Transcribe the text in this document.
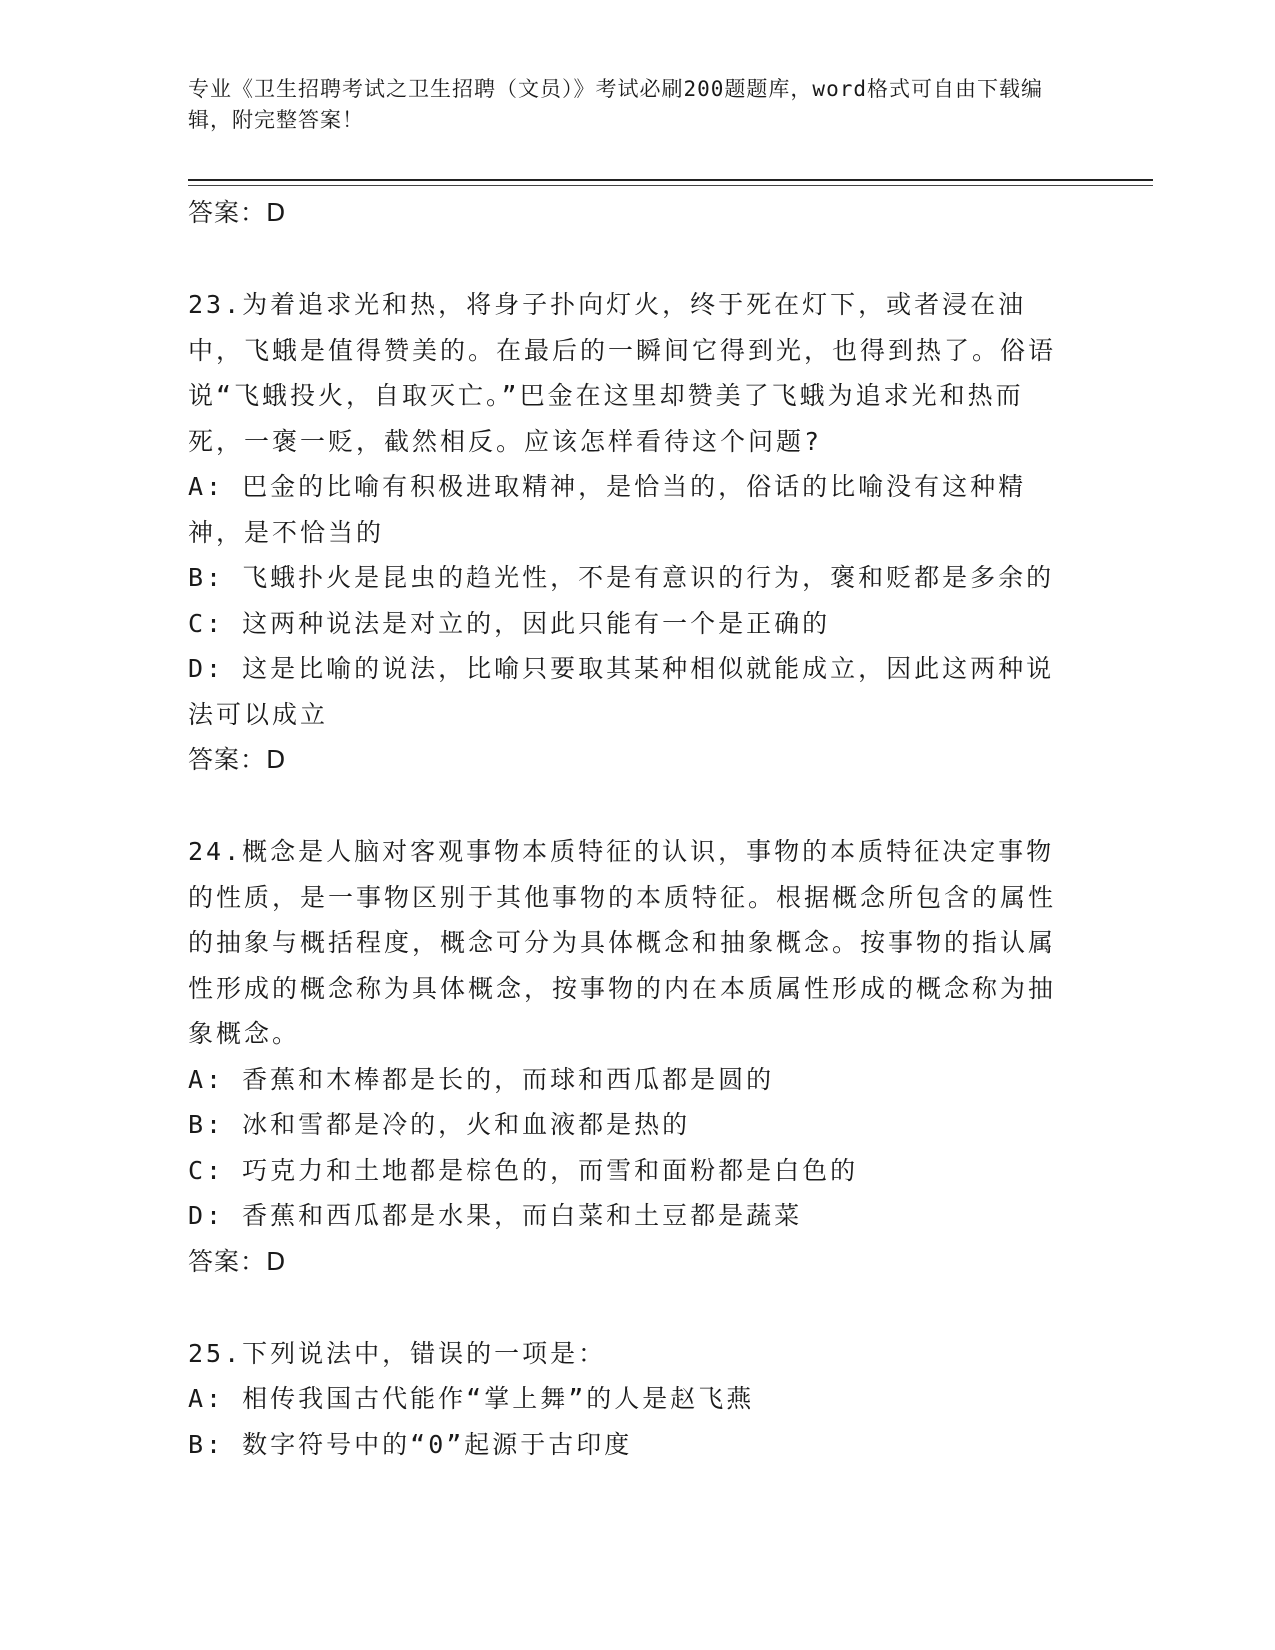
专业《卫生招聘考试之卫生招聘（文员）》考试必刷200题题库，word格式可自由下载编辑，附完整答案！
答案：D
23.为着追求光和热，将身子扑向灯火，终于死在灯下，或者浸在油中，飞蛾是值得赞美的。在最后的一瞬间它得到光，也得到热了。俗语说“飞蛾投火，自取灭亡。”巴金在这里却赞美了飞蛾为追求光和热而死，一褒一贬，截然相反。应该怎样看待这个问题?
A: 巴金的比喻有积极进取精神，是恰当的，俗话的比喻没有这种精神，是不恰当的
B: 飞蛾扑火是昆虫的趋光性，不是有意识的行为，褒和贬都是多余的
C: 这两种说法是对立的，因此只能有一个是正确的
D: 这是比喻的说法，比喻只要取其某种相似就能成立，因此这两种说法可以成立
答案：D
24.概念是人脑对客观事物本质特征的认识，事物的本质特征决定事物的性质，是一事物区别于其他事物的本质特征。根据概念所包含的属性的抽象与概括程度，概念可分为具体概念和抽象概念。按事物的指认属性形成的概念称为具体概念，按事物的内在本质属性形成的概念称为抽象概念。
A: 香蕉和木棒都是长的，而球和西瓜都是圆的
B: 冰和雪都是冷的，火和血液都是热的
C: 巧克力和土地都是棕色的，而雪和面粉都是白色的
D: 香蕉和西瓜都是水果，而白菜和土豆都是蔬菜
答案：D
25.下列说法中，错误的一项是：
A: 相传我国古代能作“掌上舞”的人是赵飞燕
B: 数字符号中的“0”起源于古印度
